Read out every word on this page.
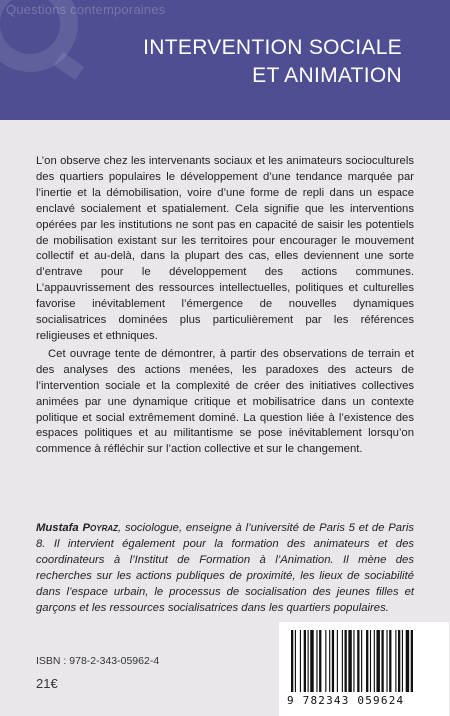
Questions contemporaines
INTERVENTION SOCIALE
ET ANIMATION

L’on observe chez les intervenants sociaux et les animateurs socioculturels des quartiers populaires le développement d’une tendance marquée par l’inertie et la démobilisation, voire d’une forme de repli dans un espace enclavé socialement et spatialement. Cela signifie que les interventions opérées par les institutions ne sont pas en capacité de saisir les potentiels de mobilisation existant sur les territoires pour encourager le mouvement collectif et au-delà, dans la plupart des cas, elles deviennent une sorte d’entrave pour le développement des actions communes. L’appauvrissement des ressources intellectuelles, politiques et culturelles favorise inévitablement l’émergence de nouvelles dynamiques socialisatrices dominées plus particulièrement par les références religieuses et ethniques.

Cet ouvrage tente de démontrer, à partir des observations de terrain et des analyses des actions menées, les paradoxes des acteurs de l’intervention sociale et la complexité de créer des initiatives collectives animées par une dynamique critique et mobilisatrice dans un contexte politique et social extrêmement dominé. La question liée à l’existence des espaces politiques et au militantisme se pose inévitablement lorsqu’on commence à réfléchir sur l’action collective et sur le changement.

Mustafa Poyraz, sociologue, enseigne à l’université de Paris 5 et de Paris 8. Il intervient également pour la formation des animateurs et des coordinateurs à l’Institut de Formation à l’Animation. Il mène des recherches sur les actions publiques de proximité, les lieux de sociabilité dans l’espace urbain, le processus de socialisation des jeunes filles et garçons et les ressources socialisatrices dans les quartiers populaires.
ISBN : 978-2-343-05962-4
21€
9 782343 059624
